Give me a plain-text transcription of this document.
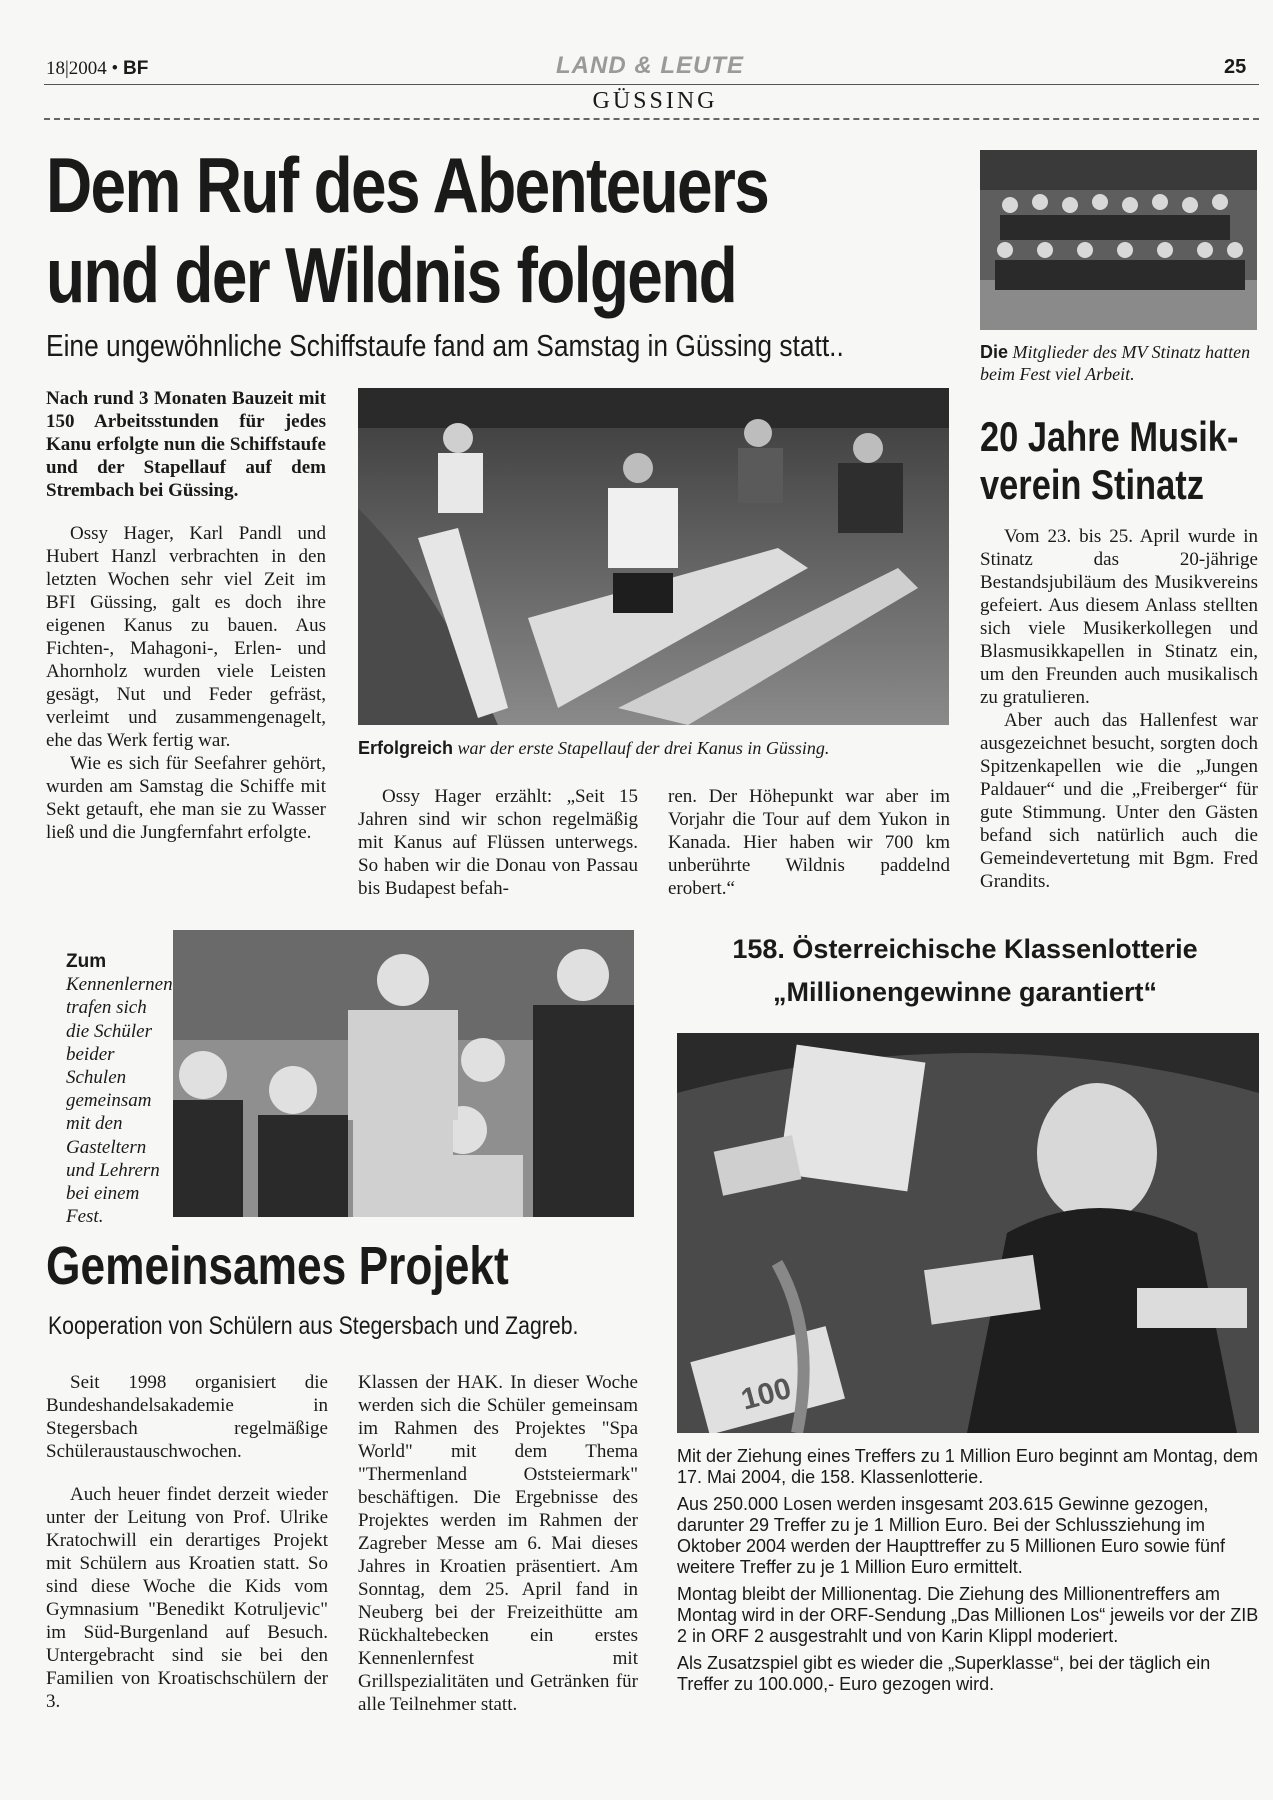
18|2004 • BF	LAND & LEUTE	25
GÜSSING
Dem Ruf des Abenteuers
und der Wildnis folgend
Eine ungewöhnliche Schiffstaufe fand am Samstag in Güssing statt..

Nach rund 3 Monaten Bauzeit mit 150 Arbeitsstunden für jedes Kanu erfolgte nun die Schiffstaufe und der Stapellauf auf dem Strembach bei Güssing.

Ossy Hager, Karl Pandl und Hubert Hanzl verbrachten in den letzten Wochen sehr viel Zeit im BFI Güssing, galt es doch ihre eigenen Kanus zu bauen. Aus Fichten-, Mahagoni-, Erlen- und Ahornholz wurden viele Leisten gesägt, Nut und Feder gefräst, verleimt und zusammengenagelt, ehe das Werk fertig war.

Wie es sich für Seefahrer gehört, wurden am Samstag die Schiffe mit Sekt getauft, ehe man sie zu Wasser ließ und die Jungfernfahrt erfolgte.

Erfolgreich war der erste Stapellauf der drei Kanus in Güssing.

Ossy Hager erzählt: „Seit 15 Jahren sind wir schon regelmäßig mit Kanus auf Flüssen unterwegs. So haben wir die Donau von Passau bis Budapest befah-

ren. Der Höhepunkt war aber im Vorjahr die Tour auf dem Yukon in Kanada. Hier haben wir 700 km unberührte Wildnis paddelnd erobert.“

Die Mitglieder des MV Stinatz hatten beim Fest viel Arbeit.
20 Jahre Musik-
verein Stinatz

Vom 23. bis 25. April wurde in Stinatz das 20-jährige Bestandsjubiläum des Musikvereins gefeiert. Aus diesem Anlass stellten sich viele Musikerkollegen und Blasmusikkapellen in Stinatz ein, um den Freunden auch musikalisch zu gratulieren.

Aber auch das Hallenfest war ausgezeichnet besucht, sorgten doch Spitzenkapellen wie die „Jungen Paldauer“ und die „Freiberger“ für gute Stimmung. Unter den Gästen befand sich natürlich auch die Gemeindevertetung mit Bgm. Fred Grandits.

Zum Kennenlernen trafen sich die Schüler beider Schulen gemeinsam mit den Gasteltern und Lehrern bei einem Fest.
Gemeinsames Projekt
Kooperation von Schülern aus Stegersbach und Zagreb.

Seit 1998 organisiert die Bundeshandelsakademie in Stegersbach regelmäßige Schüleraustauschwochen.

Auch heuer findet derzeit wieder unter der Leitung von Prof. Ulrike Kratochwill ein derartiges Projekt mit Schülern aus Kroatien statt. So sind diese Woche die Kids vom Gymnasium "Benedikt Kotruljevic" im Süd-Burgenland auf Besuch. Untergebracht sind sie bei den Familien von Kroatischschülern der 3.

Klassen der HAK. In dieser Woche werden sich die Schüler gemeinsam im Rahmen des Projektes "Spa World" mit dem Thema "Thermenland Oststeiermark" beschäftigen. Die Ergebnisse des Projektes werden im Rahmen der Zagreber Messe am 6. Mai dieses Jahres in Kroatien präsentiert. Am Sonntag, dem 25. April fand in Neuberg bei der Freizeithütte am Rückhaltebecken ein erstes Kennenlernfest mit Grillspezialitäten und Getränken für alle Teilnehmer statt.

158. Österreichische Klassenlotterie
„Millionengewinne garantiert“
100

Mit der Ziehung eines Treffers zu 1 Million Euro beginnt am Montag, dem 17. Mai 2004, die 158. Klassenlotterie.

Aus 250.000 Losen werden insgesamt 203.615 Gewinne gezogen, darunter 29 Treffer zu je 1 Million Euro. Bei der Schlussziehung im Oktober 2004 werden der Haupttreffer zu 5 Millionen Euro sowie fünf weitere Treffer zu je 1 Million Euro ermittelt.

Montag bleibt der Millionentag. Die Ziehung des Millionentreffers am Montag wird in der ORF-Sendung „Das Millionen Los“ jeweils vor der ZIB 2 in ORF 2 ausgestrahlt und von Karin Klippl moderiert.

Als Zusatzspiel gibt es wieder die „Superklasse“, bei der täglich ein Treffer zu 100.000,- Euro gezogen wird.
